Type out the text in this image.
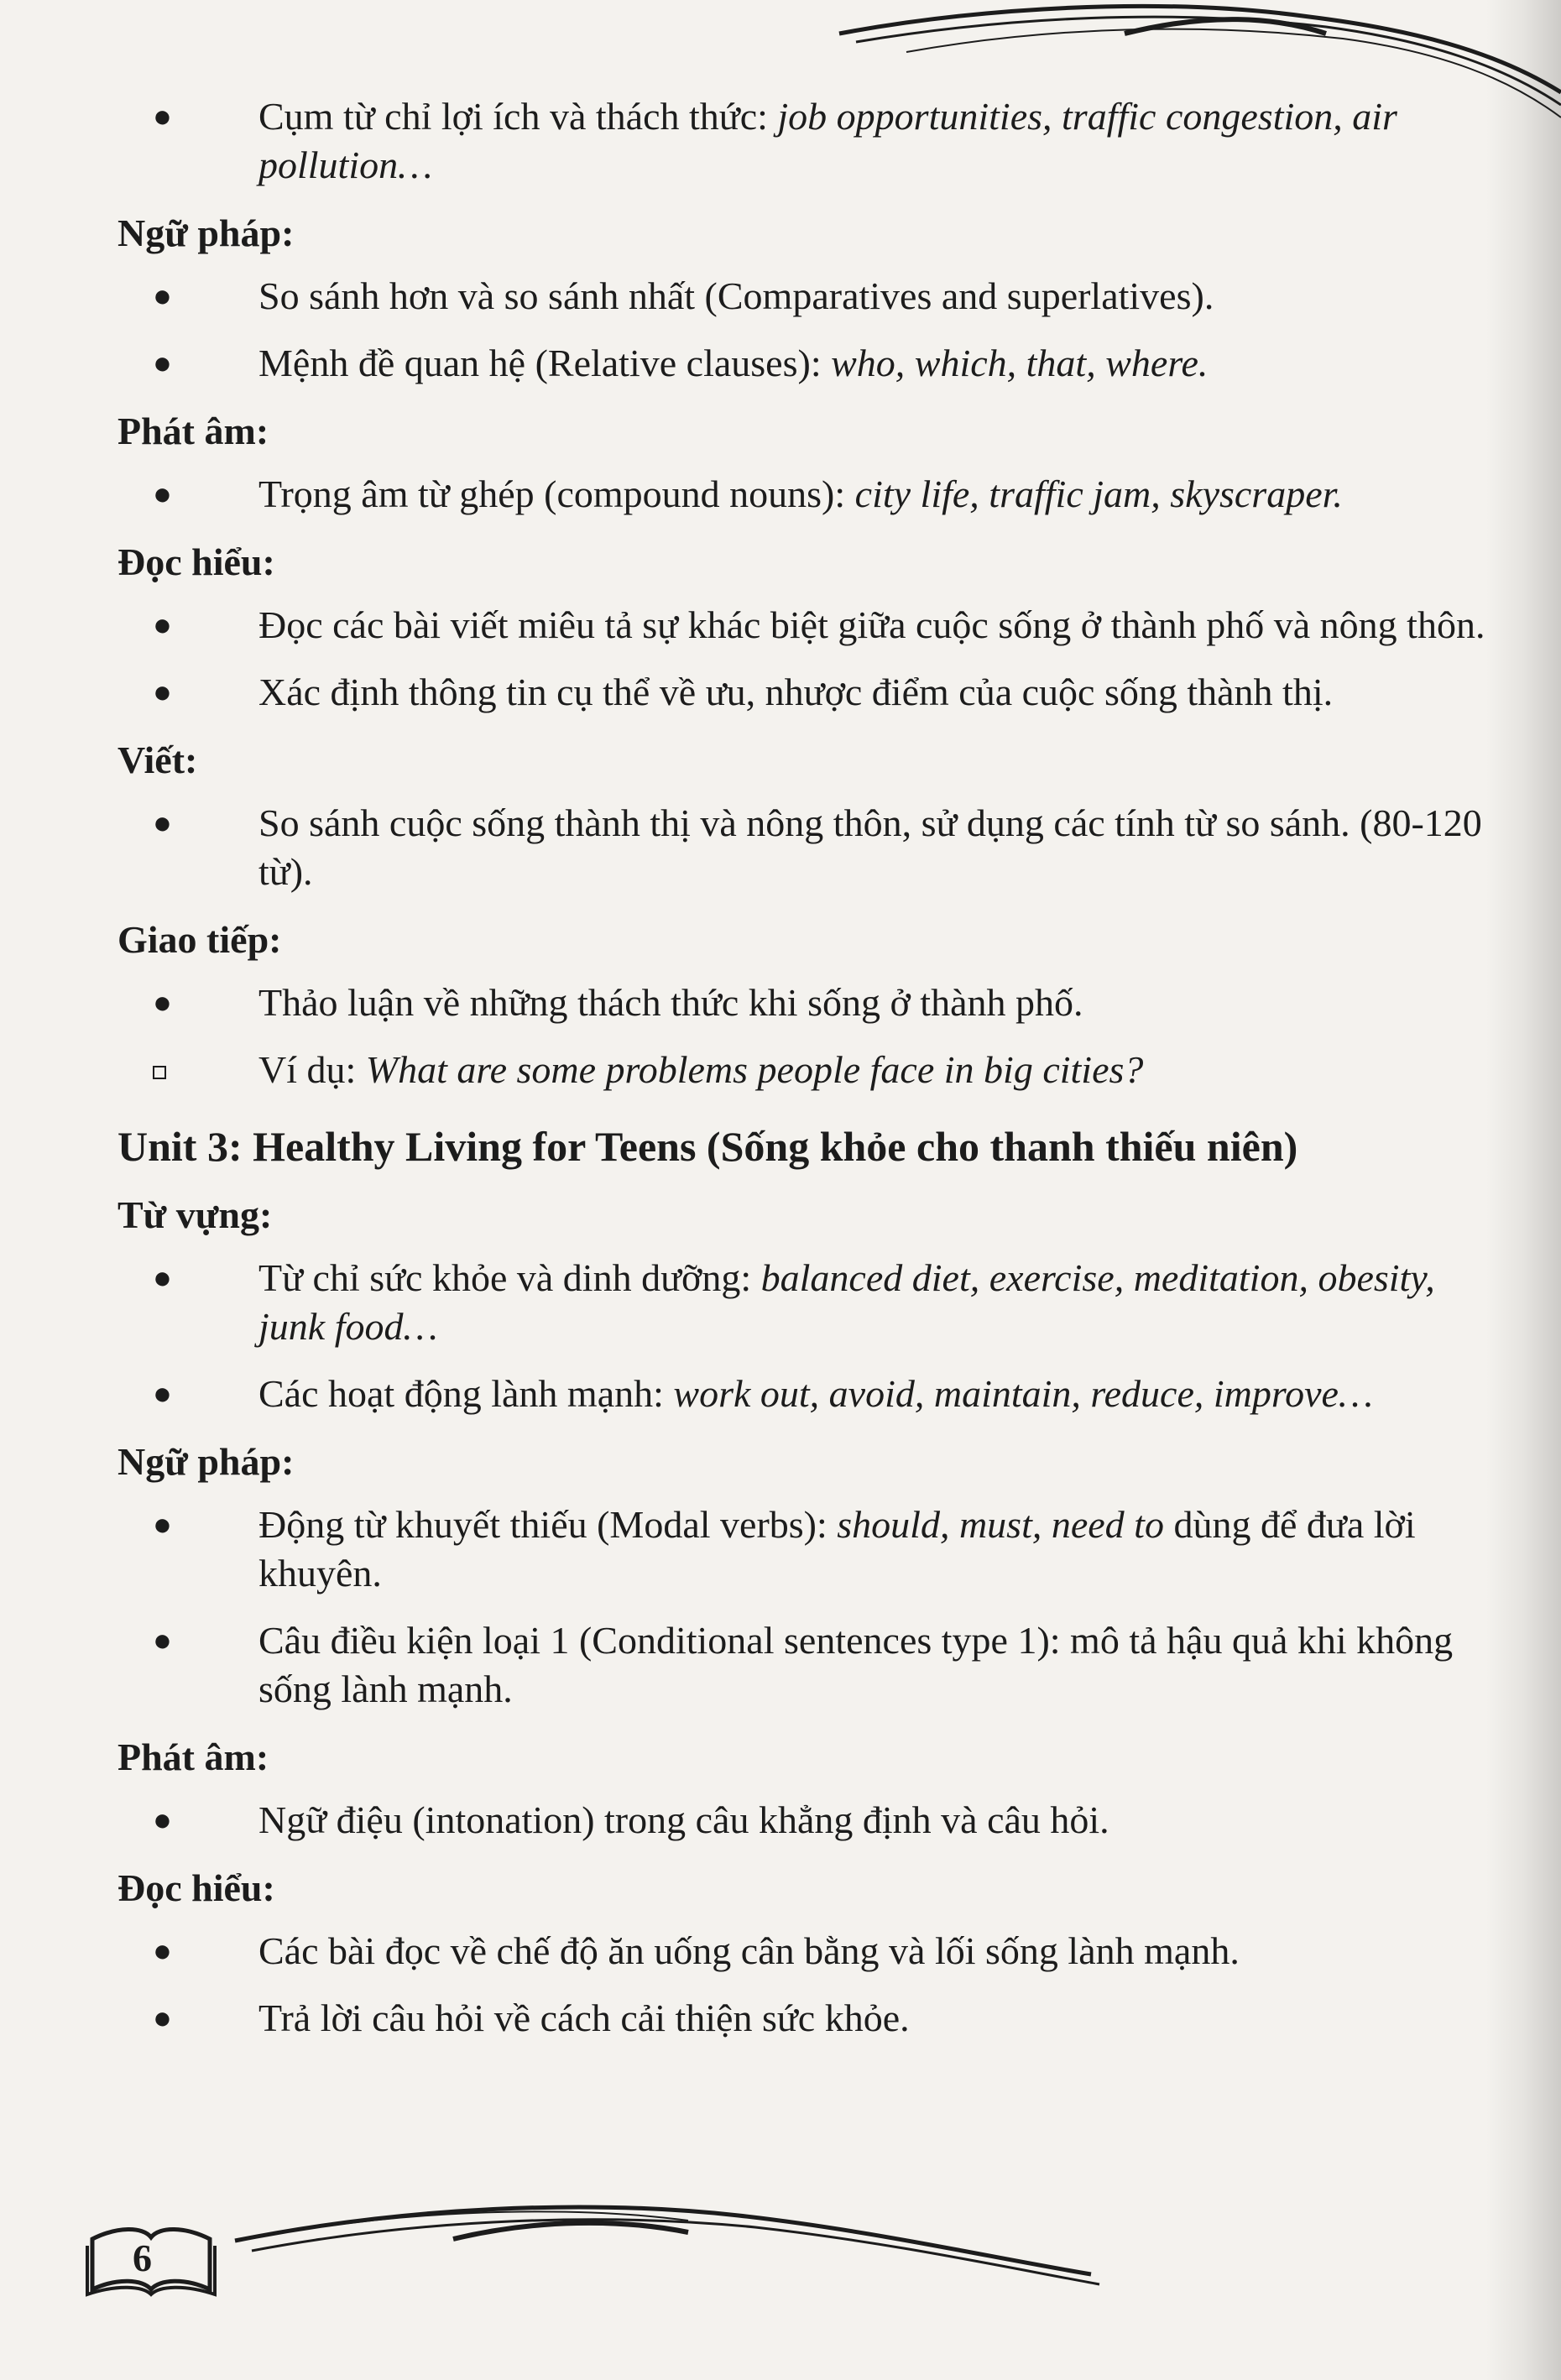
● Cụm từ chỉ lợi ích và thách thức: job opportunities, traffic congestion, air pollution…
Ngữ pháp:
● So sánh hơn và so sánh nhất (Comparatives and superlatives).
● Mệnh đề quan hệ (Relative clauses): who, which, that, where.
Phát âm:
● Trọng âm từ ghép (compound nouns): city life, traffic jam, skyscraper.
Đọc hiểu:
● Đọc các bài viết miêu tả sự khác biệt giữa cuộc sống ở thành phố và nông thôn.
● Xác định thông tin cụ thể về ưu, nhược điểm của cuộc sống thành thị.
Viết:
● So sánh cuộc sống thành thị và nông thôn, sử dụng các tính từ so sánh. (80-120 từ).
Giao tiếp:
● Thảo luận về những thách thức khi sống ở thành phố.
Ví dụ: What are some problems people face in big cities?
Unit 3: Healthy Living for Teens (Sống khỏe cho thanh thiếu niên)
Từ vựng:
● Từ chỉ sức khỏe và dinh dưỡng: balanced diet, exercise, meditation, obesity, junk food…
● Các hoạt động lành mạnh: work out, avoid, maintain, reduce, improve…
Ngữ pháp:
● Động từ khuyết thiếu (Modal verbs): should, must, need to dùng để đưa lời khuyên.
● Câu điều kiện loại 1 (Conditional sentences type 1): mô tả hậu quả khi không sống lành mạnh.
Phát âm:
● Ngữ điệu (intonation) trong câu khẳng định và câu hỏi.
Đọc hiểu:
● Các bài đọc về chế độ ăn uống cân bằng và lối sống lành mạnh.
● Trả lời câu hỏi về cách cải thiện sức khỏe.
6
